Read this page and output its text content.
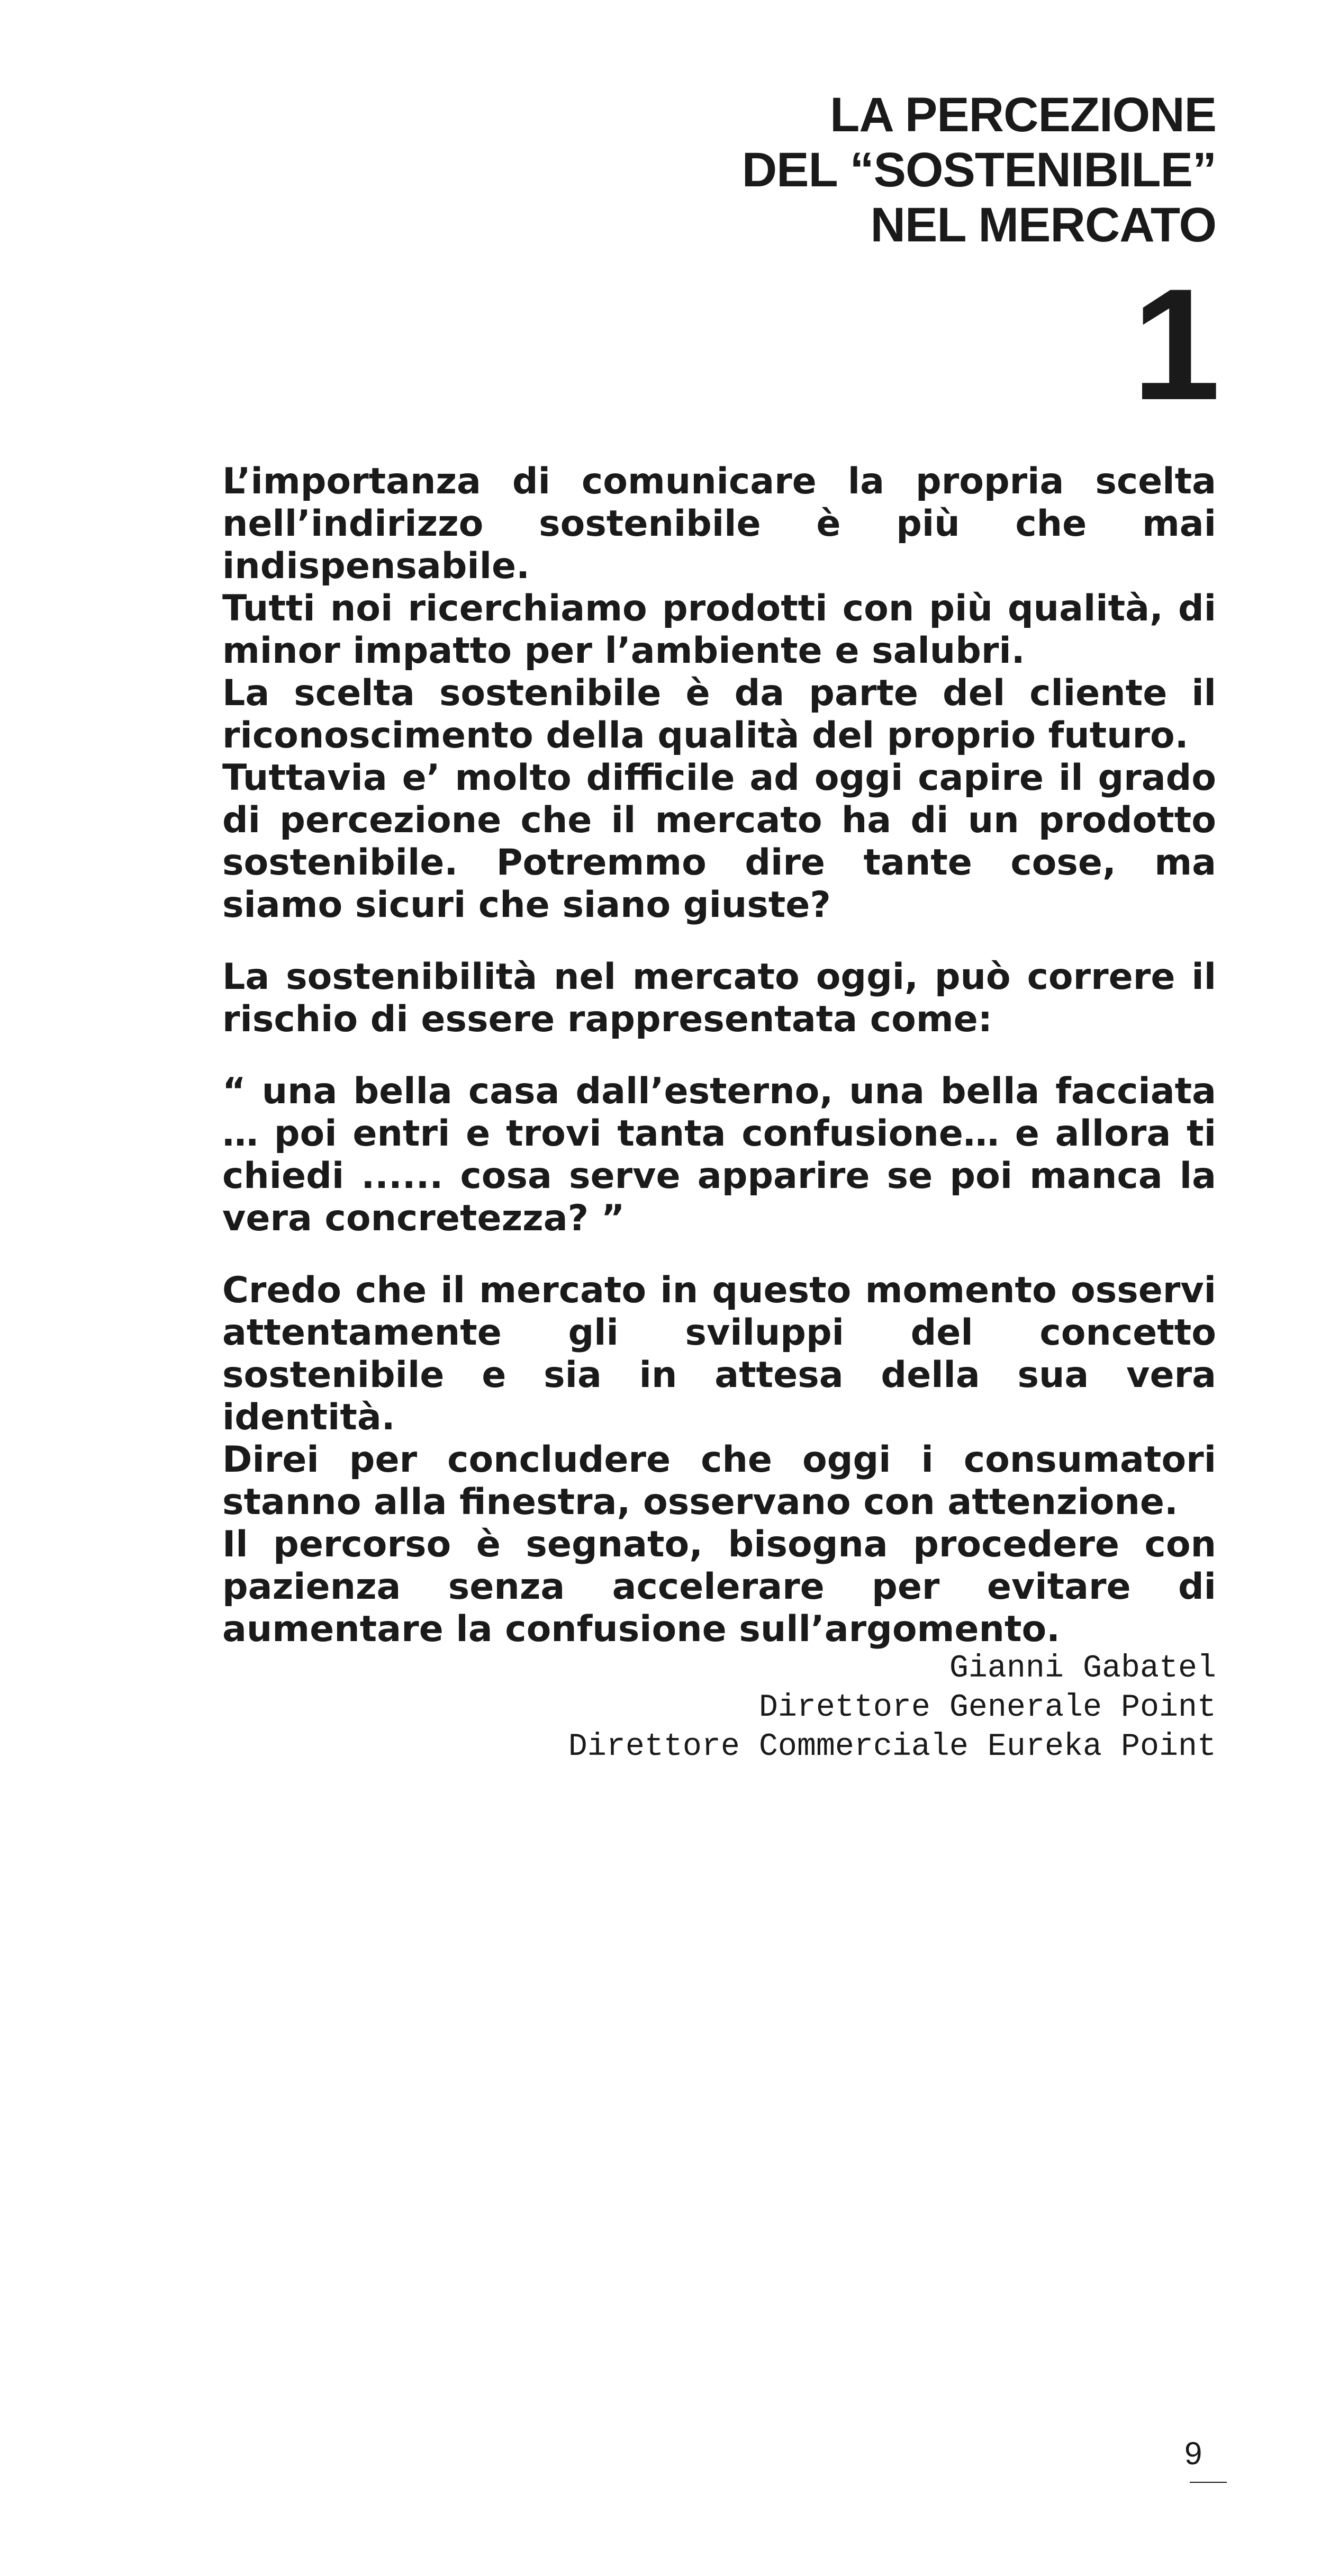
LA PERCEZIONE
DEL “SOSTENIBILE”
NEL MERCATO
1

L’importanza di comunicare la propria scelta nell’indirizzo sostenibile è più che mai indispensabile.

Tutti noi ricerchiamo prodotti con più qualità, di minor impatto per l’ambiente e salubri.

La scelta sostenibile è da parte del cliente il riconoscimento della qualità del proprio futuro.

Tuttavia e’ molto difficile ad oggi capire il grado di percezione che il mercato ha di un prodotto sostenibile. Potremmo dire tante cose, ma siamo sicuri che siano giuste?

La sostenibilità nel mercato oggi, può correre il rischio di essere rappresentata come:

“ una bella casa dall’esterno, una bella facciata … poi entri e trovi tanta confusione… e allora ti chiedi ...... cosa serve apparire se poi manca la vera concretezza? ”

Credo che il mercato in questo momento osservi attentamente gli sviluppi del concetto sostenibile e sia in attesa della sua vera identità.

Direi per concludere che oggi i consumatori stanno alla finestra, osservano con attenzione.

Il percorso è segnato, bisogna procedere con pazienza senza accelerare per evitare di aumentare la confusione sull’argomento.

Gianni Gabatel
Direttore Generale Point
Direttore Commerciale Eureka Point
9
